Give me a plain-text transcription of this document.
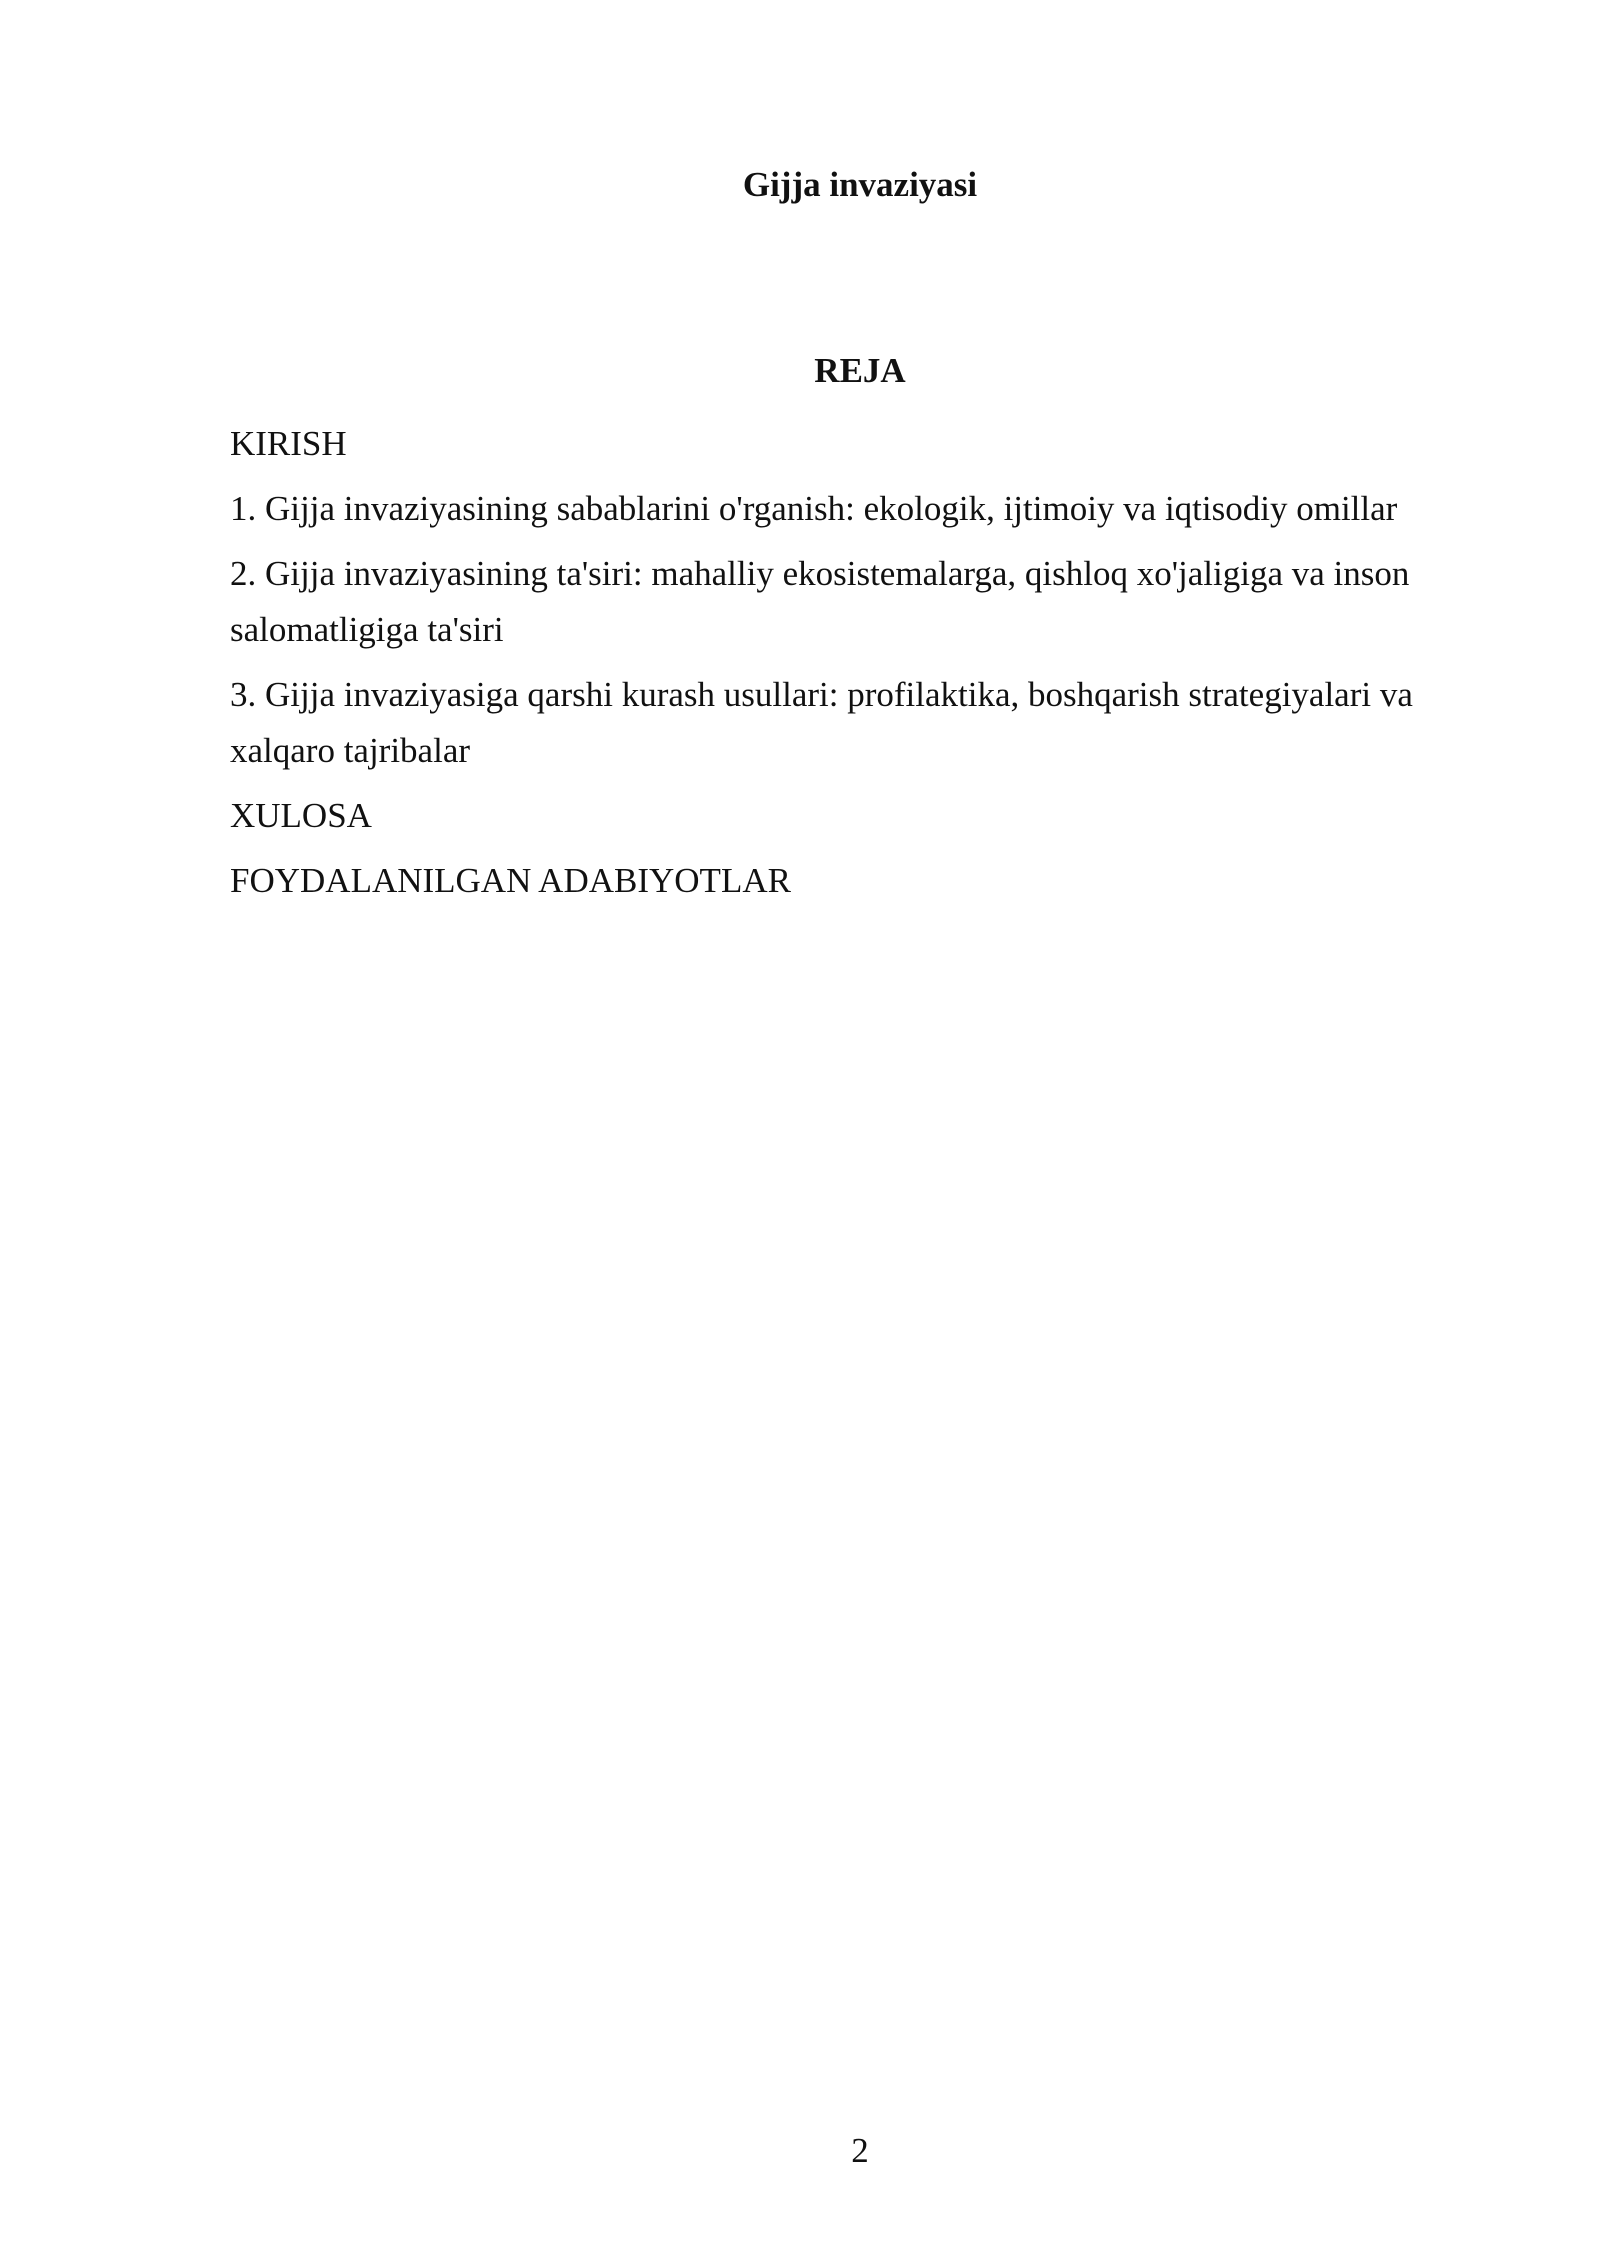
Gijja invaziyasi
REJA
KIRISH
1. Gijja invaziyasining sabablarini o'rganish: ekologik, ijtimoiy va iqtisodiy omillar
2. Gijja invaziyasining ta'siri: mahalliy ekosistemalarga, qishloq xo'jaligiga va inson salomatligiga ta'siri
3. Gijja invaziyasiga qarshi kurash usullari: profilaktika, boshqarish strategiyalari va xalqaro tajribalar
XULOSA
FOYDALANILGAN ADABIYOTLAR
2
